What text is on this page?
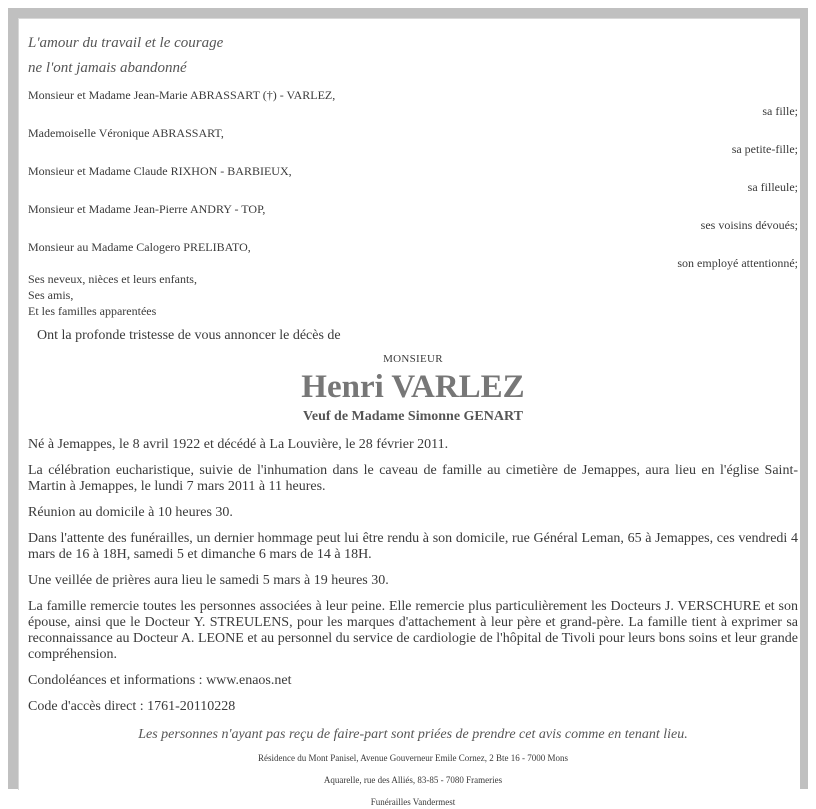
L'amour du travail et le courage
ne l'ont jamais abandonné
Monsieur et Madame Jean-Marie ABRASSART (†) - VARLEZ,
sa fille;
Mademoiselle Véronique ABRASSART,
sa petite-fille;
Monsieur et Madame Claude RIXHON - BARBIEUX,
sa filleule;
Monsieur et Madame Jean-Pierre ANDRY - TOP,
ses voisins dévoués;
Monsieur au Madame Calogero PRELIBATO,
son employé attentionné;
Ses neveux, nièces et leurs enfants,
Ses amis,
Et les familles apparentées
Ont la profonde tristesse de vous annoncer le décès de
MONSIEUR
Henri VARLEZ
Veuf de Madame Simonne GENART
Né à Jemappes, le 8 avril 1922 et décédé à La Louvière, le 28 février 2011.
La célébration eucharistique, suivie de l'inhumation dans le caveau de famille au cimetière de Jemappes, aura lieu en l'église Saint-Martin à Jemappes, le lundi 7 mars 2011 à 11 heures.
Réunion au domicile à 10 heures 30.
Dans l'attente des funérailles, un dernier hommage peut lui être rendu à son domicile, rue Général Leman, 65 à Jemappes, ces vendredi 4 mars de 16 à 18H, samedi 5 et dimanche 6 mars de 14 à 18H.
Une veillée de prières aura lieu le samedi 5 mars à 19 heures 30.
La famille remercie toutes les personnes associées à leur peine. Elle remercie plus particulièrement les Docteurs J. VERSCHURE et son épouse, ainsi que le Docteur Y. STREULENS, pour les marques d'attachement à leur père et grand-père. La famille tient à exprimer sa reconnaissance au Docteur A. LEONE et au personnel du service de cardiologie de l'hôpital de Tivoli pour leurs bons soins et leur grande compréhension.
Condoléances et informations : www.enaos.net
Code d'accès direct : 1761-20110228
Les personnes n'ayant pas reçu de faire-part sont priées de prendre cet avis comme en tenant lieu.
Résidence du Mont Panisel, Avenue Gouverneur Emile Cornez, 2 Bte 16 - 7000 Mons
Aquarelle, rue des Alliés, 83-85 - 7080 Frameries
Funérailles Vandermest
